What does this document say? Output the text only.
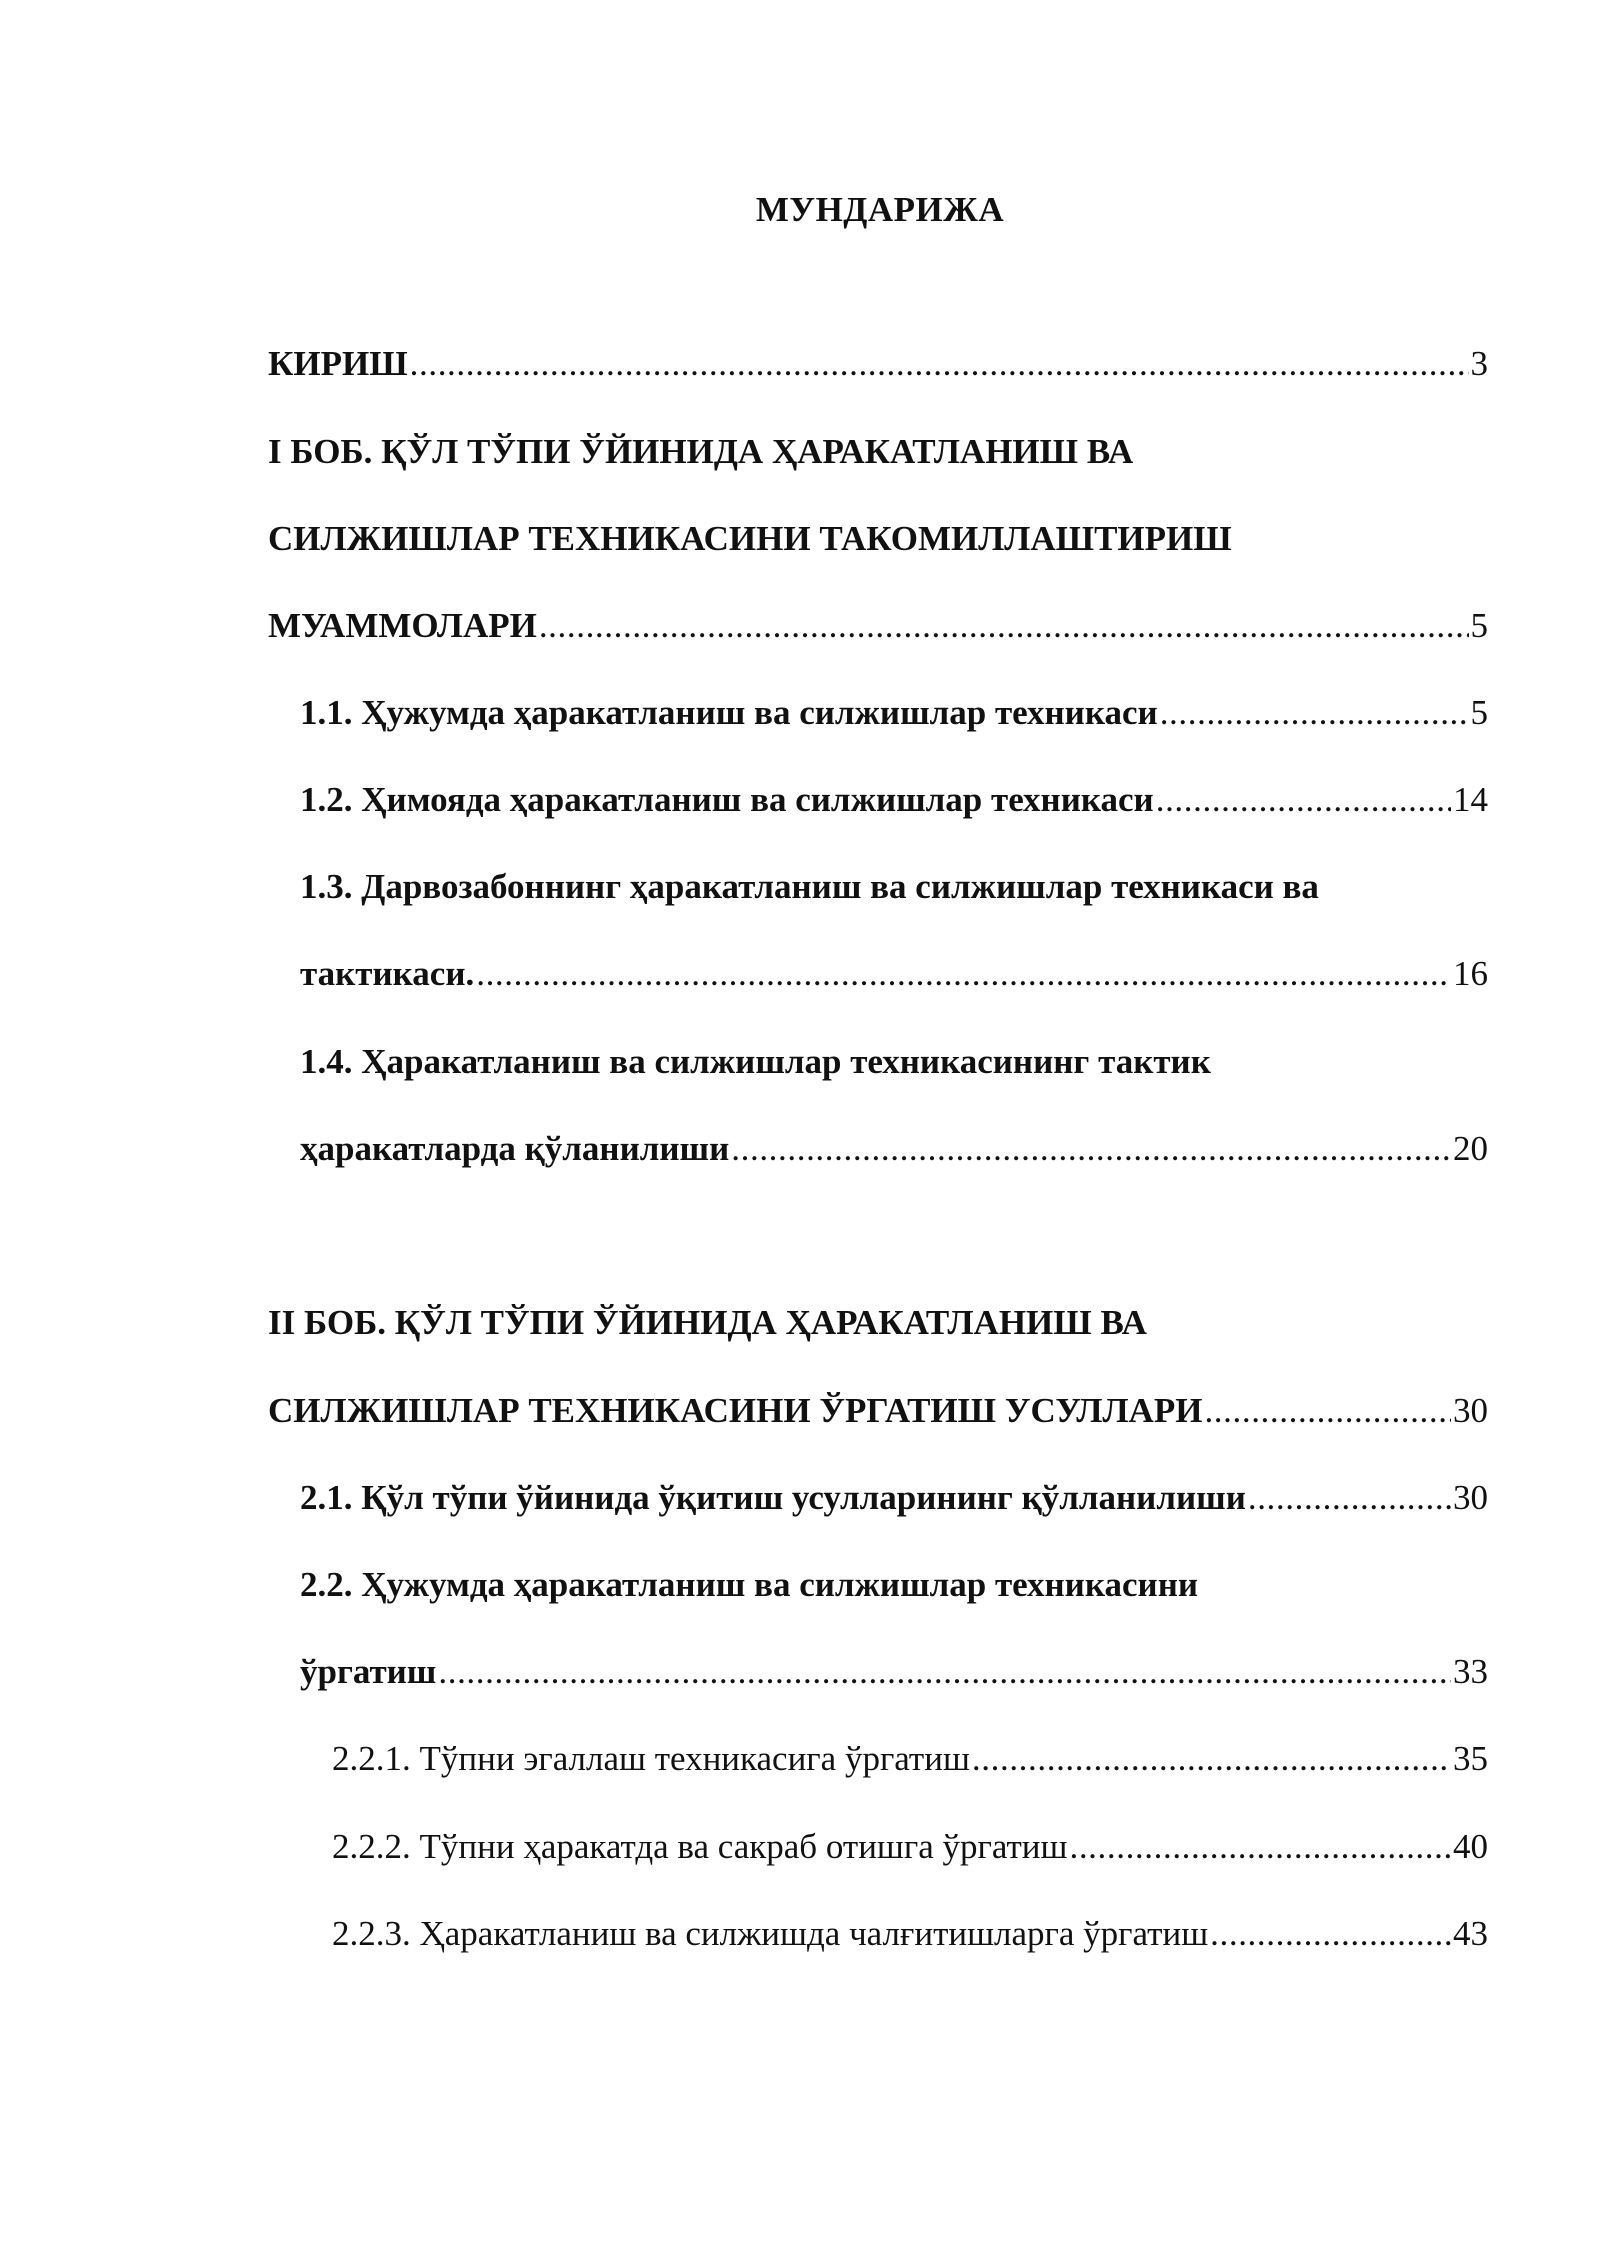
МУНДАРИЖА
КИРИШ .....	3
I БОБ. ҚЎЛ ТЎПИ ЎЙИНИДА ҲАРАКАТЛАНИШ ВА
СИЛЖИШЛАР ТЕХНИКАСИНИ ТАКОМИЛЛАШТИРИШ
МУАММОЛАРИ .....	5
1.1. Ҳужумда ҳаракатланиш ва силжишлар техникаси .....	5
1.2. Ҳимояда ҳаракатланиш ва силжишлар техникаси .....	14
1.3. Дарвозабоннинг ҳаракатланиш ва силжишлар техникаси ва
тактикаси. .....	16
1.4. Ҳаракатланиш ва силжишлар техникасининг тактик
ҳаракатларда қўланилиши .....	20
II БОБ. ҚЎЛ ТЎПИ ЎЙИНИДА ҲАРАКАТЛАНИШ ВА
СИЛЖИШЛАР ТЕХНИКАСИНИ ЎРГАТИШ УСУЛЛАРИ .....	30
2.1. Қўл тўпи ўйинида ўқитиш усулларининг қўлланилиши .....	30
2.2. Ҳужумда ҳаракатланиш ва силжишлар техникасини
ўргатиш .....	33
2.2.1. Тўпни эгаллаш техникасига ўргатиш .....	35
2.2.2. Тўпни ҳаракатда ва сакраб отишга ўргатиш .....	40
2.2.3. Ҳаракатланиш ва силжишда чалғитишларга ўргатиш .....	43
